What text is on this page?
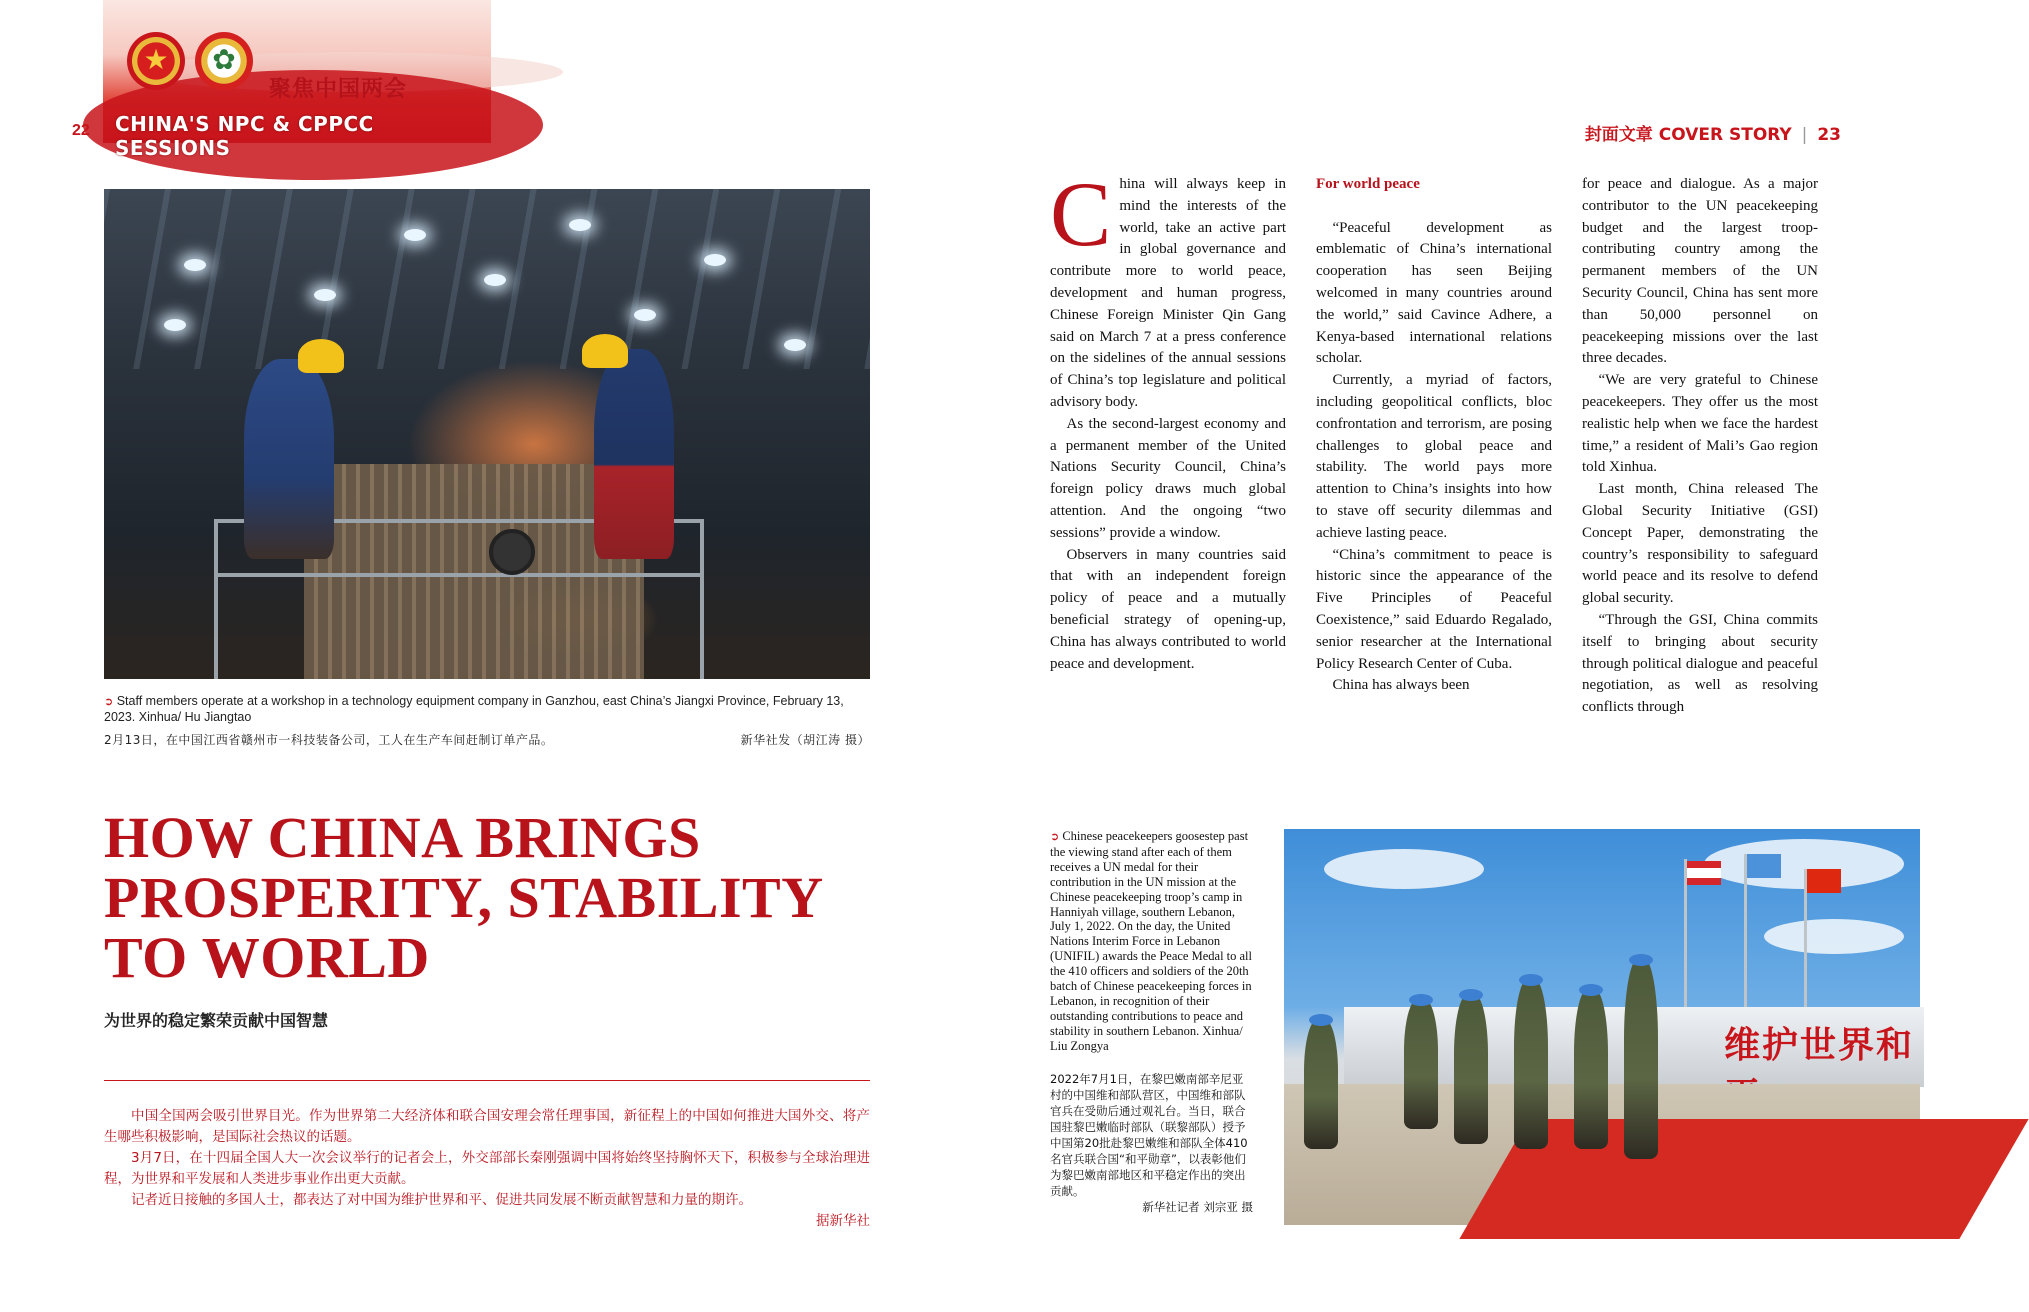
★	✿
聚焦中国两会
CHINA'S NPC & CPPCC SESSIONS
22	封面文章 COVER STORY | 23
➲ Staff members operate at a workshop in a technology equipment company in Ganzhou, east China’s Jiangxi Province, February 13, 2023. Xinhua/ Hu Jiangtao
2月13日，在中国江西省赣州市一科技装备公司，工人在生产车间赶制订单产品。	新华社发（胡江涛 摄）
HOW CHINA BRINGS PROSPERITY, STABILITY TO WORLD
为世界的稳定繁荣贡献中国智慧

中国全国两会吸引世界目光。作为世界第二大经济体和联合国安理会常任理事国，新征程上的中国如何推进大国外交、将产生哪些积极影响，是国际社会热议的话题。

3月7日，在十四届全国人大一次会议举行的记者会上，外交部部长秦刚强调中国将始终坚持胸怀天下，积极参与全球治理进程，为世界和平发展和人类进步事业作出更大贡献。

记者近日接触的多国人士，都表达了对中国为维护世界和平、促进共同发展不断贡献智慧和力量的期许。

据新华社

C hina will always keep in mind the interests of the world, take an active part in global governance and contribute more to world peace, development and human progress, Chinese Foreign Minister Qin Gang said on March 7 at a press conference on the sidelines of the annual sessions of China’s top legislature and political advisory body.

As the second-largest economy and a permanent member of the United Nations Security Council, China’s foreign policy draws much global attention. And the ongoing “two sessions” provide a window.

Observers in many countries said that with an independent foreign policy of peace and a mutually beneficial strategy of opening-up, China has always contributed to world peace and development.

For world peace

“Peaceful development as emblematic of China’s international cooperation has seen Beijing welcomed in many countries around the world,” said Cavince Adhere, a Kenya-based international relations scholar.

Currently, a myriad of factors, including geopolitical conflicts, bloc confrontation and terrorism, are posing challenges to global peace and stability. The world pays more attention to China’s insights into how to stave off security dilemmas and achieve lasting peace.

“China’s commitment to peace is historic since the appearance of the Five Principles of Peaceful Coexistence,” said Eduardo Regalado, senior researcher at the International Policy Research Center of Cuba.

China has always been

for peace and dialogue. As a major contributor to the UN peacekeeping budget and the largest troop-contributing country among the permanent members of the UN Security Council, China has sent more than 50,000 personnel on peacekeeping missions over the last three decades.

“We are very grateful to Chinese peacekeepers. They offer us the most realistic help when we face the hardest time,” a resident of Mali’s Gao region told Xinhua.

Last month, China released The Global Security Initiative (GSI) Concept Paper, demonstrating the country’s responsibility to safeguard world peace and its resolve to defend global security.

“Through the GSI, China commits itself to bringing about security through political dialogue and peaceful negotiation, as well as resolving conflicts through

➲ Chinese peacekeepers goosestep past the viewing stand after each of them receives a UN medal for their contribution in the UN mission at the Chinese peacekeeping troop’s camp in Hanniyah village, southern Lebanon, July 1, 2022. On the day, the United Nations Interim Force in Lebanon (UNIFIL) awards the Peace Medal to all the 410 officers and soldiers of the 20th batch of Chinese peacekeeping forces in Lebanon, in recognition of their outstanding contributions to peace and stability in southern Lebanon. Xinhua/ Liu Zongya
2022年7月1日，在黎巴嫩南部辛尼亚村的中国维和部队营区，中国维和部队官兵在受勋后通过观礼台。当日，联合国驻黎巴嫩临时部队（联黎部队）授予中国第20批赴黎巴嫩维和部队全体410名官兵联合国“和平勋章”，以表彰他们为黎巴嫩南部地区和平稳定作出的突出贡献。
新华社记者 刘宗亚 摄
维护世界和
